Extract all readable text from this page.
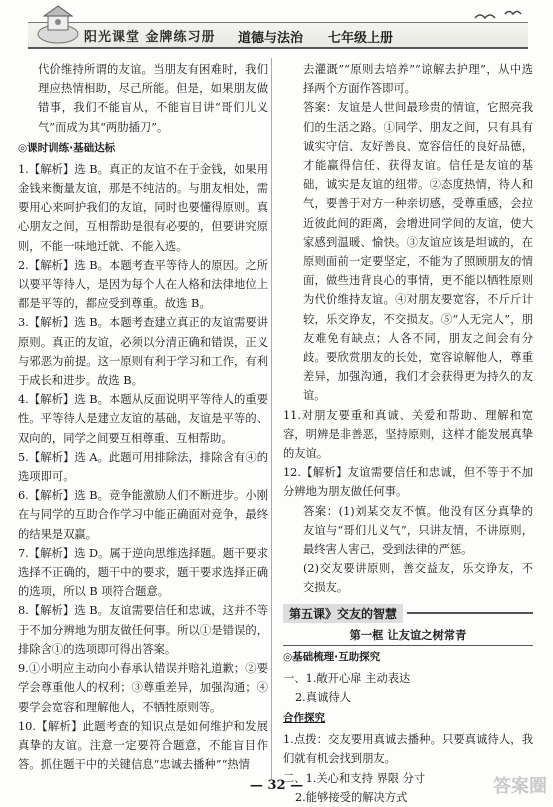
阳光课堂 金牌练习册 道德与法治 七年级上册

代价维持所谓的友谊。当朋友有困难时，我们理应热情相助，尽己所能。但是，如果朋友做错事，我们不能盲从，不能盲目讲“哥们儿义气”而成为其“两肋插刀”。

◎课时训练·基础达标

1.【解析】选 B。真正的友谊不在于金钱，如果用金钱来衡量友谊，那是不纯洁的。与朋友相处，需要用心来呵护我们的友谊，同时也要懂得原则。真心朋友之间，互相帮助是很有必要的，但要讲究原则，不能一味地迁就、不能入选。

2.【解析】选 B。本题考查平等待人的原因。之所以要平等待人，是因为每个人在人格和法律地位上都是平等的，都应受到尊重。故选 B。

3.【解析】选 B。本题考查建立真正的友谊需要讲原则。真正的友谊，必须以分清正确和错误，正义与邪恶为前提。这一原则有利于学习和工作，有利于成长和进步。故选 B。

4.【解析】选 B。本题从反面说明平等待人的重要性。平等待人是建立友谊的基础，友谊是平等的、双向的，同学之间要互相尊重、互相帮助。

5.【解析】选 A。此题可用排除法，排除含有④的选项即可。

6.【解析】选 B。竞争能激励人们不断进步。小刚在与同学的互助合作学习中能正确面对竞争，最终的结果是双赢。

7.【解析】选 D。属于逆向思维选择题。题干要求选择不正确的，题干中的要求，题干要求选择正确的选项，所以 B 项符合题意。

8.【解析】选 B。友谊需要信任和忠诚，这并不等于不加分辨地为朋友做任何事。所以①是错误的，排除含①的选项即可得出答案。

9.①小明应主动向小春承认错误并赔礼道歉；②要学会尊重他人的权利；③尊重差异，加强沟通；④要学会宽容和理解他人，不牺牲原则等。

10.【解析】此题考查的知识点是如何维护和发展真挚的友谊。注意一定要符合题意，不能盲目作答。抓住题干中的关键信息“忠诚去播种”“热情

去灌溉”“原则去培养”“谅解去护理”，从中选择两个方面作答即可。

答案：友谊是人世间最珍贵的情谊，它照亮我们的生活之路。①同学、朋友之间，只有具有诚实守信、友好善良、宽容信任的良好品德，才能赢得信任、获得友谊。信任是友谊的基础，诚实是友谊的纽带。②态度热情，待人和气，要善于对方一种亲切感，受尊重感，会拉近彼此间的距离，会增进同学间的友谊，使大家感到温暖、愉快。③友谊应该是坦诚的，在原则面前一定要坚定，不能为了照顾朋友的情面，做些违背良心的事情，更不能以牺牲原则为代价维持友谊。④对朋友要宽容，不斤斤计较，乐交诤友，不交损友。⑤“人无完人”，朋友难免有缺点；人各不同，朋友之间会有分歧。要欣赏朋友的长处，宽容谅解他人，尊重差异，加强沟通，我们才会获得更为持久的友谊。

11.对朋友要重和真诚、关爱和帮助、理解和宽容，明辨是非善恶，坚持原则，这样才能发展真挚的友谊。

12.【解析】友谊需要信任和忠诚，但不等于不加分辨地为朋友做任何事。

答案：(1)刘某交友不慎。他没有区分真挚的友谊与“哥们儿义气”，只讲友情，不讲原则，最终害人害己，受到法律的严惩。

(2)交友要讲原则，善交益友，乐交诤友，不交损友。

第五课》交友的智慧

第一框 让友谊之树常青

◎基础梳理·互助探究

一、1.敞开心扉 主动表达

2.真诚待人

合作探究

1.点拨：交友要用真诚去播种。只要真诚待人，我们就有机会找到朋友。

二、1.关心和支持 界限 分寸

2.能够接受的解决方式

— 32 —	答案圈
